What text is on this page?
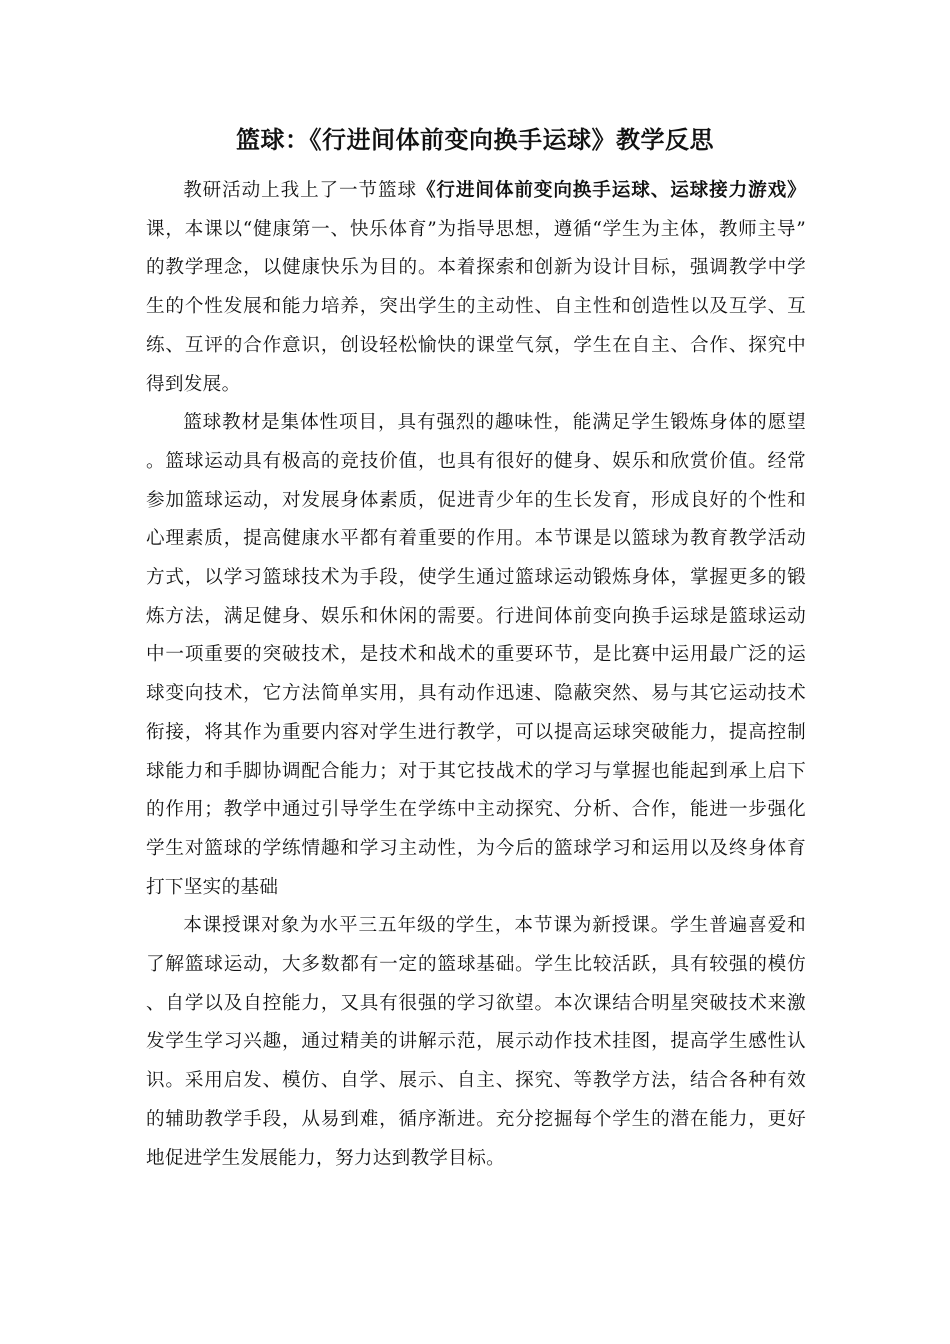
篮球：《行进间体前变向换手运球》教学反思

教研活动上我上了一节篮球《行进间体前变向换手运球、运球接力游戏》课，本课以“健康第一、快乐体育”为指导思想，遵循“学生为主体，教师主导”的教学理念，以健康快乐为目的。本着探索和创新为设计目标，强调教学中学生的个性发展和能力培养，突出学生的主动性、自主性和创造性以及互学、互练、互评的合作意识，创设轻松愉快的课堂气氛，学生在自主、合作、探究中得到发展。

篮球教材是集体性项目，具有强烈的趣味性，能满足学生锻炼身体的愿望。篮球运动具有极高的竞技价值，也具有很好的健身、娱乐和欣赏价值。经常参加篮球运动，对发展身体素质，促进青少年的生长发育，形成良好的个性和心理素质，提高健康水平都有着重要的作用。本节课是以篮球为教育教学活动方式，以学习篮球技术为手段，使学生通过篮球运动锻炼身体，掌握更多的锻炼方法，满足健身、娱乐和休闲的需要。行进间体前变向换手运球是篮球运动中一项重要的突破技术，是技术和战术的重要环节，是比赛中运用最广泛的运球变向技术，它方法简单实用，具有动作迅速、隐蔽突然、易与其它运动技术衔接，将其作为重要内容对学生进行教学，可以提高运球突破能力，提高控制球能力和手脚协调配合能力；对于其它技战术的学习与掌握也能起到承上启下的作用；教学中通过引导学生在学练中主动探究、分析、合作，能进一步强化学生对篮球的学练情趣和学习主动性，为今后的篮球学习和运用以及终身体育打下坚实的基础

本课授课对象为水平三五年级的学生，本节课为新授课。学生普遍喜爱和了解篮球运动，大多数都有一定的篮球基础。学生比较活跃，具有较强的模仿、自学以及自控能力，又具有很强的学习欲望。本次课结合明星突破技术来激发学生学习兴趣，通过精美的讲解示范，展示动作技术挂图，提高学生感性认识。采用启发、模仿、自学、展示、自主、探究、等教学方法，结合各种有效的辅助教学手段，从易到难，循序渐进。充分挖掘每个学生的潜在能力，更好地促进学生发展能力，努力达到教学目标。
